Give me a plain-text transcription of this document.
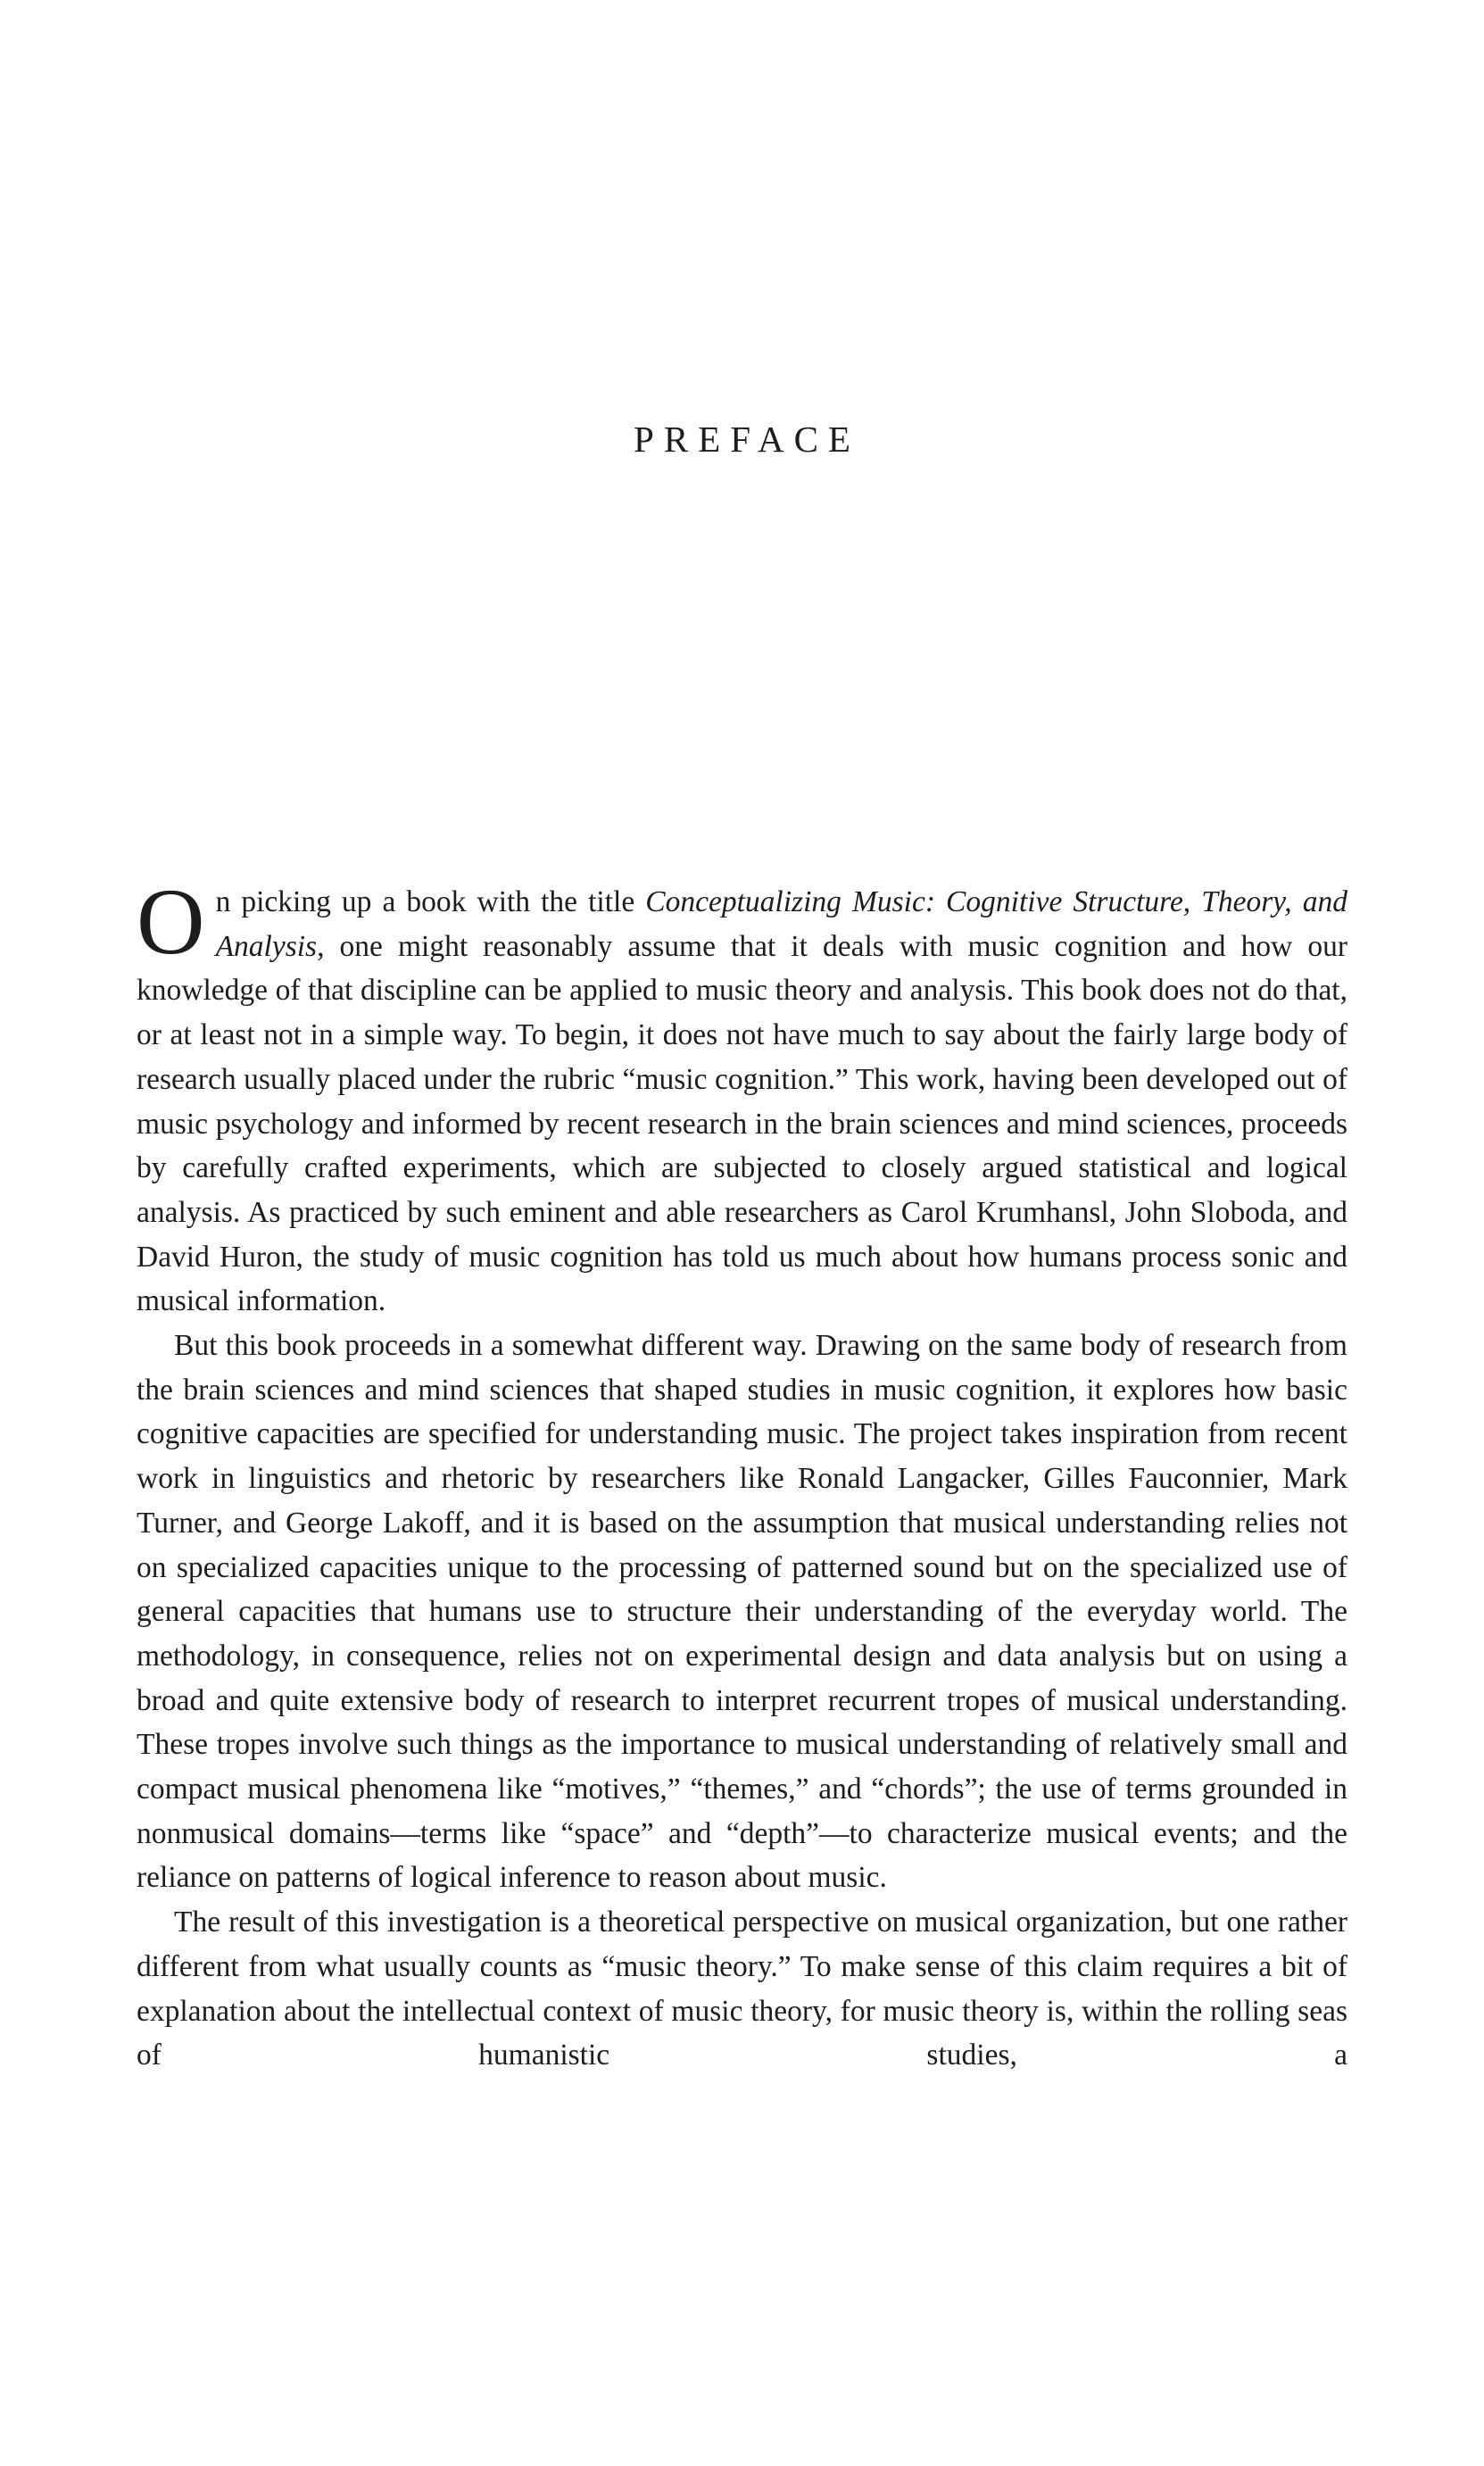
PREFACE

On picking up a book with the title Conceptualizing Music: Cognitive Structure, Theory, and Analysis, one might reasonably assume that it deals with music cognition and how our knowledge of that discipline can be applied to music theory and analysis. This book does not do that, or at least not in a simple way. To begin, it does not have much to say about the fairly large body of research usually placed under the rubric “music cognition.” This work, having been developed out of music psychology and informed by recent research in the brain sciences and mind sciences, proceeds by carefully crafted experiments, which are subjected to closely argued statistical and logical analysis. As practiced by such eminent and able researchers as Carol Krumhansl, John Sloboda, and David Huron, the study of music cognition has told us much about how humans process sonic and musical information.

But this book proceeds in a somewhat different way. Drawing on the same body of research from the brain sciences and mind sciences that shaped studies in music cognition, it explores how basic cognitive capacities are specified for understanding music. The project takes inspiration from recent work in linguistics and rhetoric by researchers like Ronald Langacker, Gilles Fauconnier, Mark Turner, and George Lakoff, and it is based on the assumption that musical understanding relies not on specialized capacities unique to the processing of patterned sound but on the specialized use of general capacities that humans use to structure their understanding of the everyday world. The methodology, in consequence, relies not on experimental design and data analysis but on using a broad and quite extensive body of research to interpret recurrent tropes of musical understanding. These tropes involve such things as the importance to musical understanding of relatively small and compact musical phenomena like “motives,” “themes,” and “chords”; the use of terms grounded in nonmusical domains—terms like “space” and “depth”—to characterize musical events; and the reliance on patterns of logical inference to reason about music.

The result of this investigation is a theoretical perspective on musical organization, but one rather different from what usually counts as “music theory.” To make sense of this claim requires a bit of explanation about the intellectual context of music theory, for music theory is, within the rolling seas of humanistic studies, a
